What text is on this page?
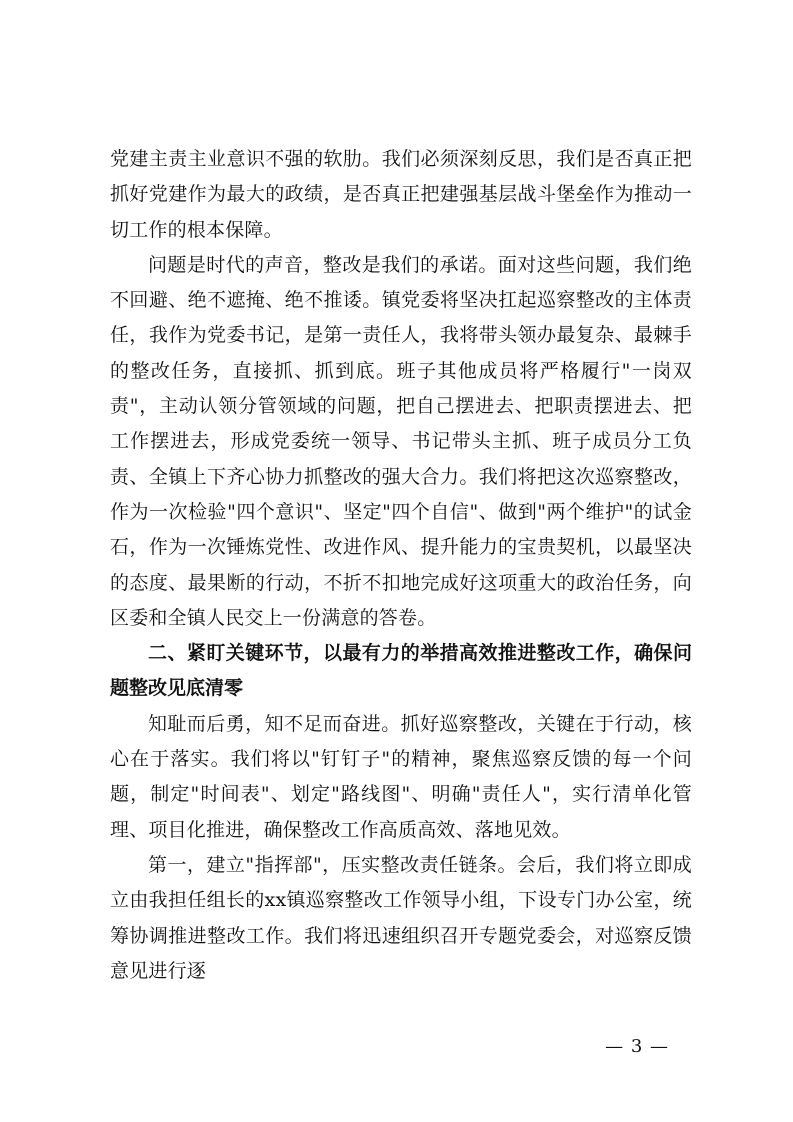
党建主责主业意识不强的软肋。我们必须深刻反思，我们是否真正把抓好党建作为最大的政绩，是否真正把建强基层战斗堡垒作为推动一切工作的根本保障。

问题是时代的声音，整改是我们的承诺。面对这些问题，我们绝不回避、绝不遮掩、绝不推诿。镇党委将坚决扛起巡察整改的主体责任，我作为党委书记，是第一责任人，我将带头领办最复杂、最棘手的整改任务，直接抓、抓到底。班子其他成员将严格履行"一岗双责"，主动认领分管领域的问题，把自己摆进去、把职责摆进去、把工作摆进去，形成党委统一领导、书记带头主抓、班子成员分工负责、全镇上下齐心协力抓整改的强大合力。我们将把这次巡察整改，作为一次检验"四个意识"、坚定"四个自信"、做到"两个维护"的试金石，作为一次锤炼党性、改进作风、提升能力的宝贵契机，以最坚决的态度、最果断的行动，不折不扣地完成好这项重大的政治任务，向区委和全镇人民交上一份满意的答卷。

二、紧盯关键环节，以最有力的举措高效推进整改工作，确保问题整改见底清零

知耻而后勇，知不足而奋进。抓好巡察整改，关键在于行动，核心在于落实。我们将以"钉钉子"的精神，聚焦巡察反馈的每一个问题，制定"时间表"、划定"路线图"、明确"责任人"，实行清单化管理、项目化推进，确保整改工作高质高效、落地见效。

第一，建立"指挥部"，压实整改责任链条。会后，我们将立即成立由我担任组长的xx镇巡察整改工作领导小组，下设专门办公室，统筹协调推进整改工作。我们将迅速组织召开专题党委会，对巡察反馈意见进行逐

— 3 —
